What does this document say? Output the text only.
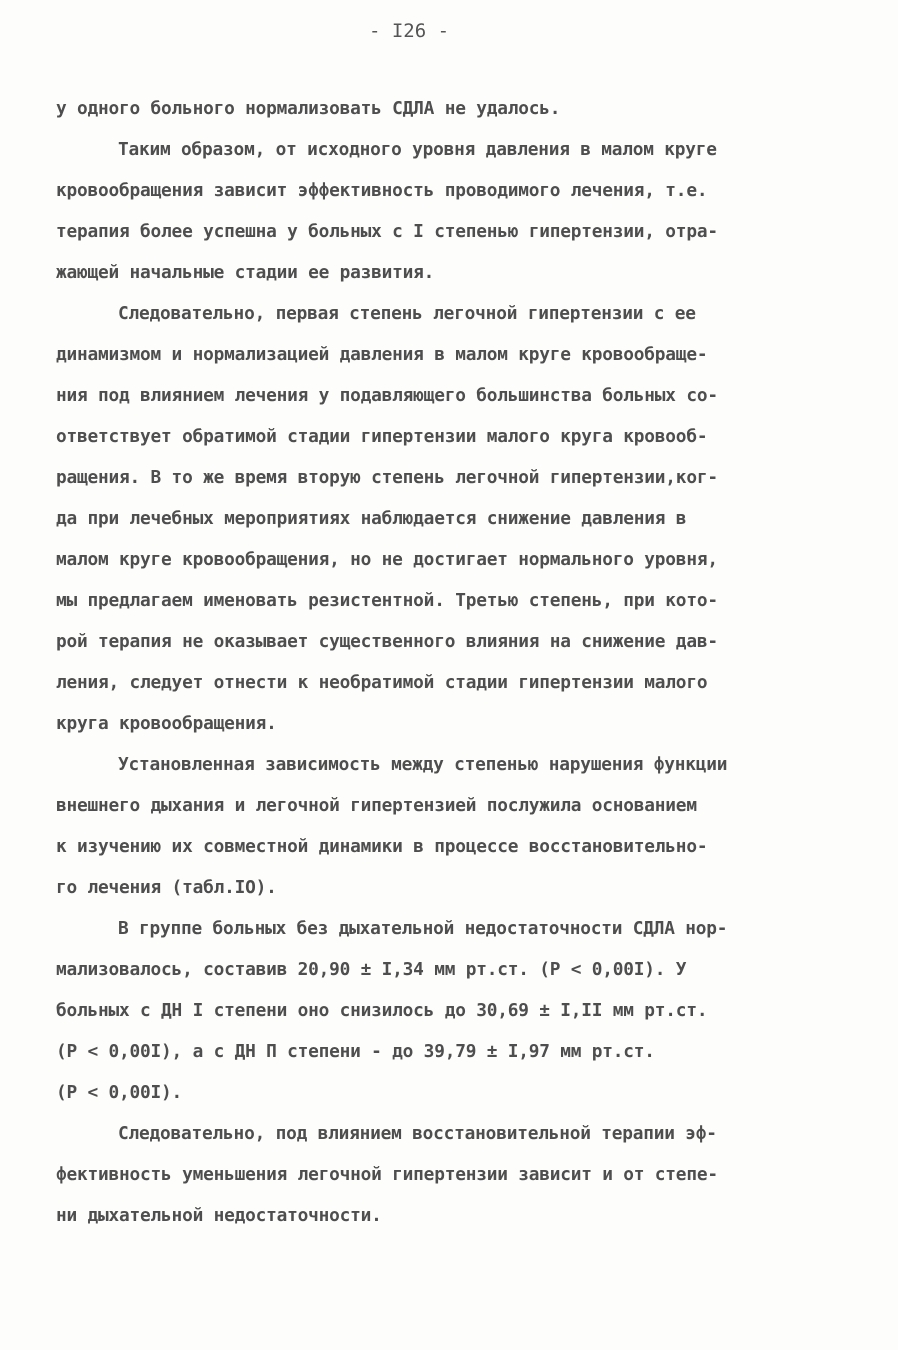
- I26 -
у одного больного нормализовать СДЛА не удалось.
Таким образом, от исходного уровня давления в малом круге
кровообращения зависит эффективность проводимого лечения, т.е.
терапия более успешна у больных с I степенью гипертензии, отра-
жающей начальные стадии ее развития.
Следовательно, первая степень легочной гипертензии с ее
динамизмом и нормализацией давления в малом круге кровообраще-
ния под влиянием лечения у подавляющего большинства больных со-
ответствует обратимой стадии гипертензии малого круга кровооб-
ращения. В то же время вторую степень легочной гипертензии,ког-
да при лечебных мероприятиях наблюдается снижение давления в
малом круге кровообращения, но не достигает нормального уровня,
мы предлагаем именовать резистентной. Третью степень, при кото-
рой терапия не оказывает существенного влияния на снижение дав-
ления, следует отнести к необратимой стадии гипертензии малого
круга кровообращения.
Установленная зависимость между степенью нарушения функции
внешнего дыхания и легочной гипертензией послужила основанием
к изучению их совместной динамики в процессе восстановительно-
го лечения (табл.IO).
В группе больных без дыхательной недостаточности СДЛА нор-
мализовалось, составив 20,90 ± I,34 мм рт.ст. (Р < 0,00I). У
больных с ДН I степени оно снизилось до 30,69 ± I,II мм рт.ст.
(Р < 0,00I), а с ДН П степени - до 39,79 ± I,97 мм рт.ст.
(Р < 0,00I).
Следовательно, под влиянием восстановительной терапии эф-
фективность уменьшения легочной гипертензии зависит и от степе-
ни дыхательной недостаточности.
